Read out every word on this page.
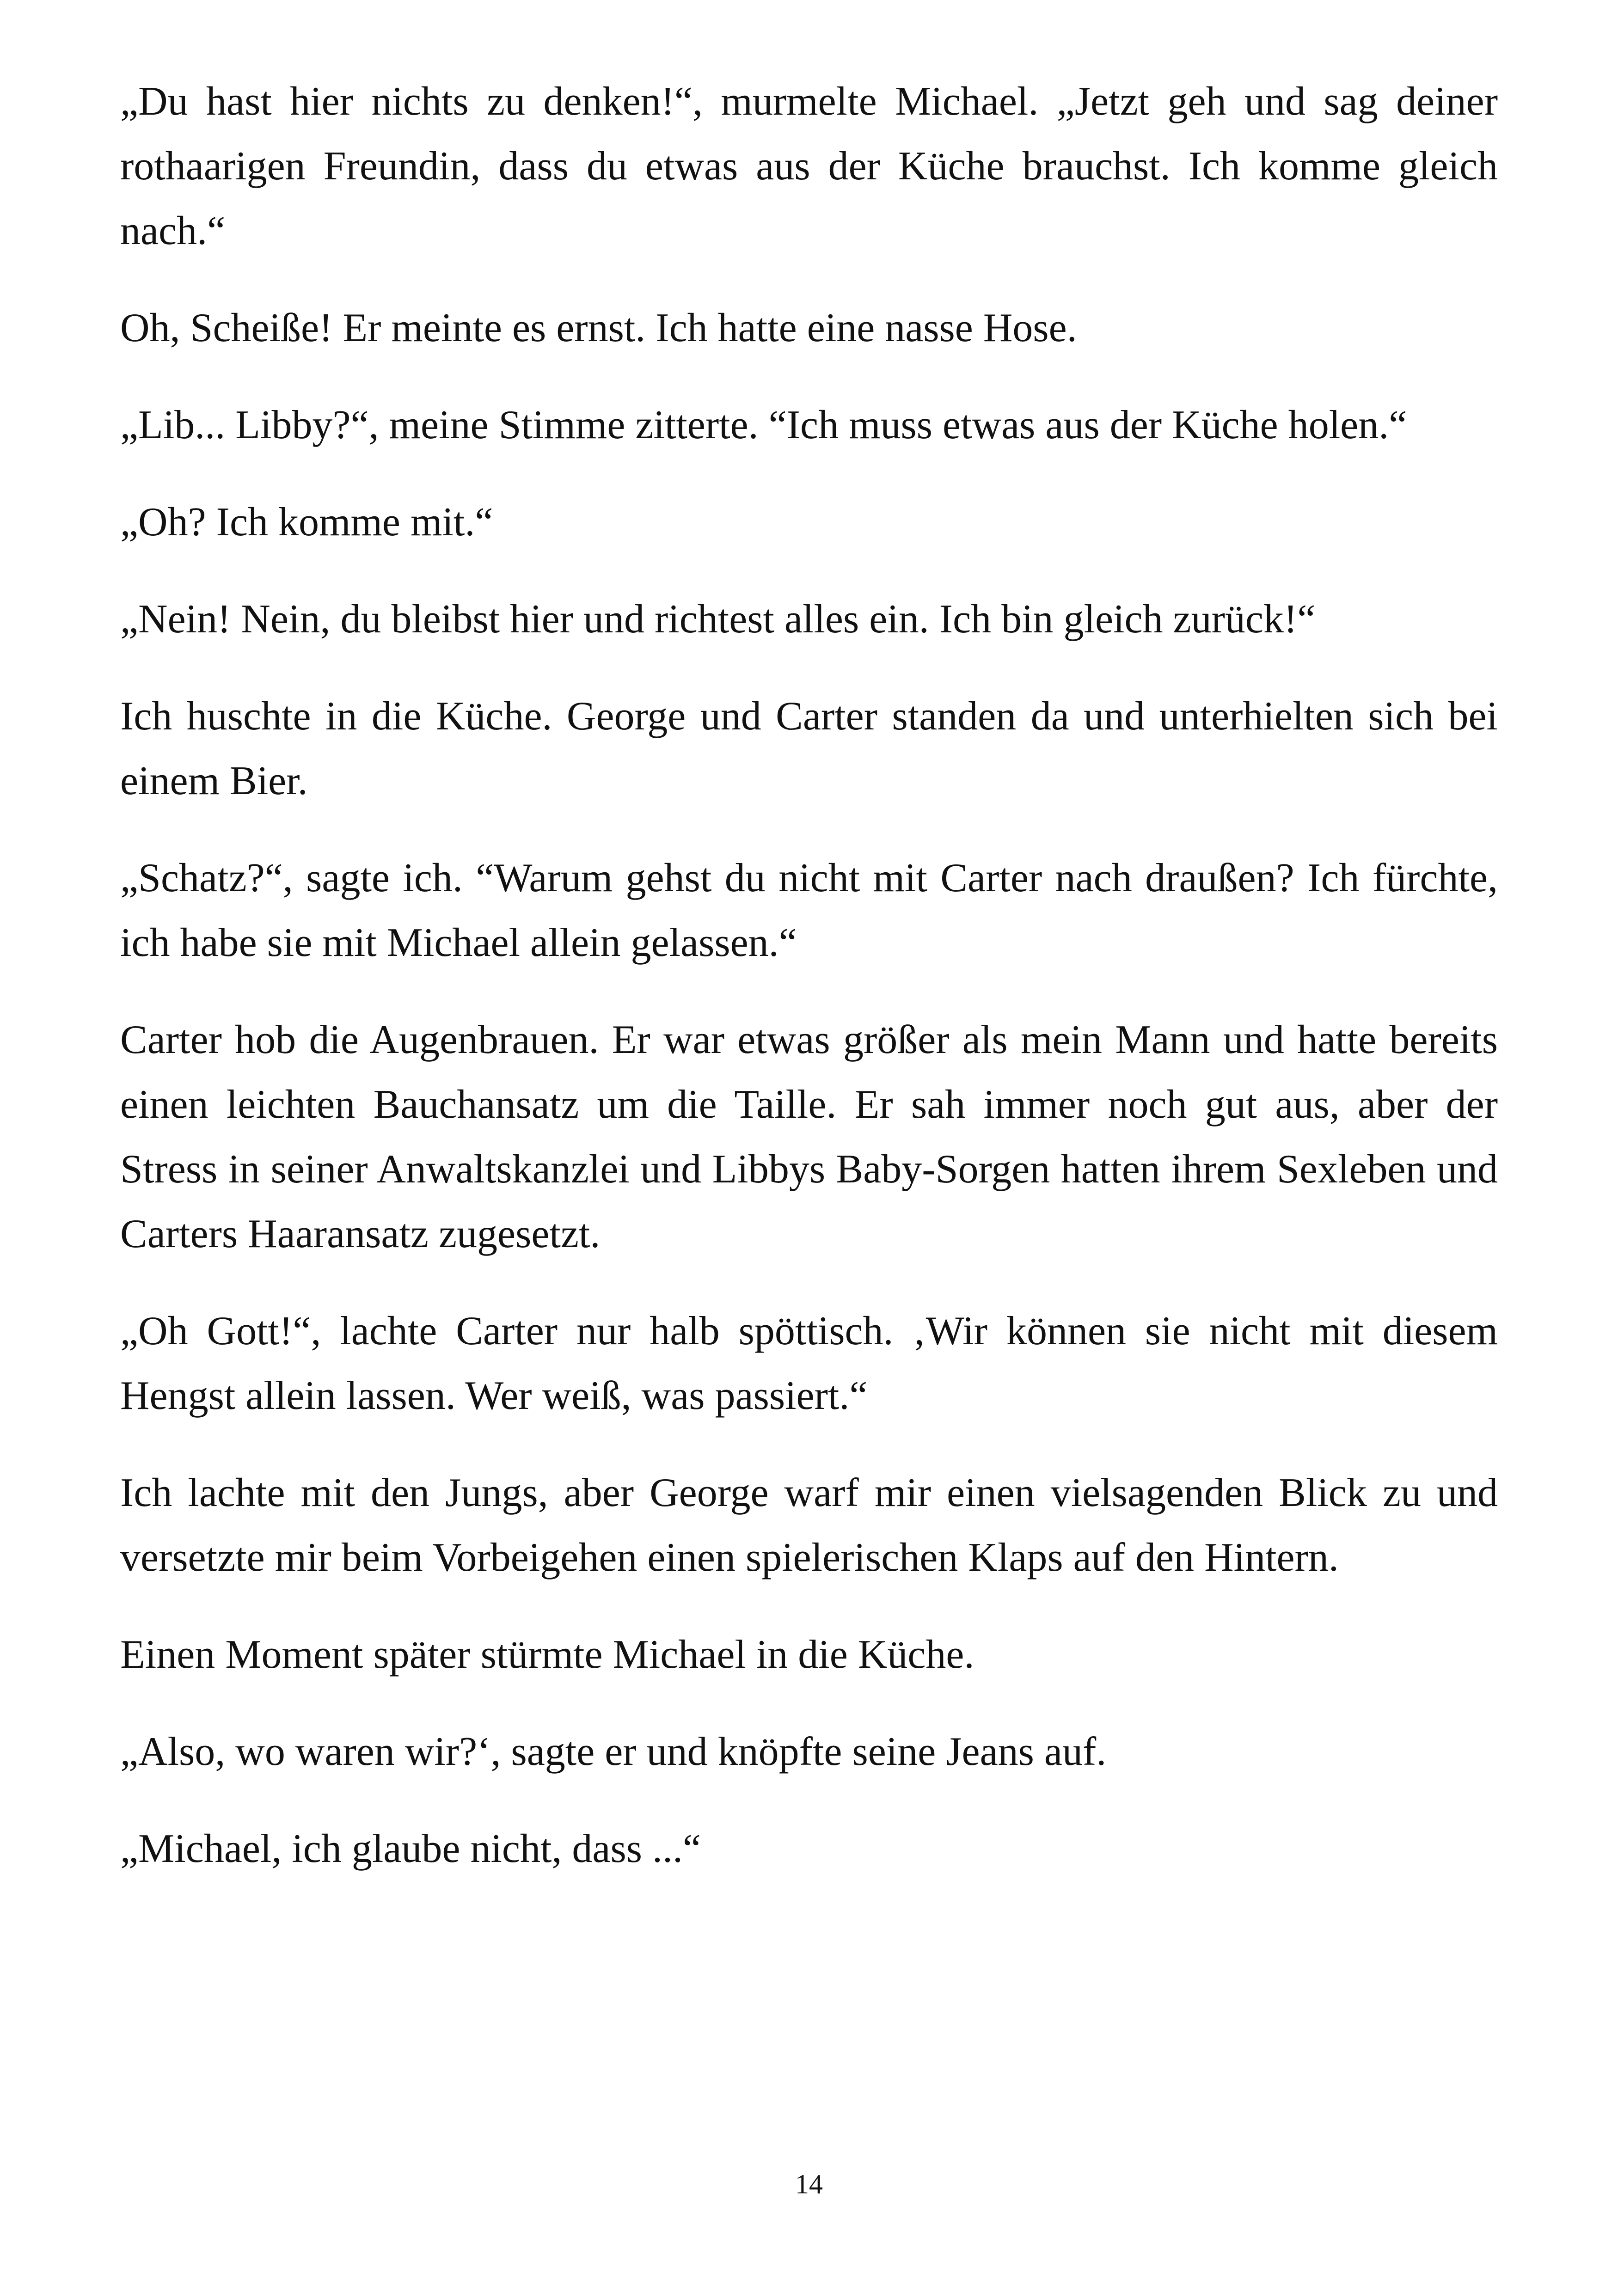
„Du hast hier nichts zu denken!“, murmelte Michael. „Jetzt geh und sag deiner rothaarigen Freundin, dass du etwas aus der Küche brauchst. Ich komme gleich nach.“

Oh, Scheiße! Er meinte es ernst. Ich hatte eine nasse Hose.

„Lib... Libby?“, meine Stimme zitterte. “Ich muss etwas aus der Küche holen.“

„Oh? Ich komme mit.“

„Nein! Nein, du bleibst hier und richtest alles ein. Ich bin gleich zurück!“

Ich huschte in die Küche. George und Carter standen da und unterhielten sich bei einem Bier.

„Schatz?“, sagte ich. “Warum gehst du nicht mit Carter nach draußen? Ich fürchte, ich habe sie mit Michael allein gelassen.“

Carter hob die Augenbrauen. Er war etwas größer als mein Mann und hatte bereits einen leichten Bauchansatz um die Taille. Er sah immer noch gut aus, aber der Stress in seiner Anwaltskanzlei und Libbys Baby-Sorgen hatten ihrem Sexleben und Carters Haaransatz zugesetzt.

„Oh Gott!“, lachte Carter nur halb spöttisch. ‚Wir können sie nicht mit diesem Hengst allein lassen. Wer weiß, was passiert.“

Ich lachte mit den Jungs, aber George warf mir einen vielsagenden Blick zu und versetzte mir beim Vorbeigehen einen spielerischen Klaps auf den Hintern.

Einen Moment später stürmte Michael in die Küche.

„Also, wo waren wir?‘, sagte er und knöpfte seine Jeans auf.

„Michael, ich glaube nicht, dass ...“

14
